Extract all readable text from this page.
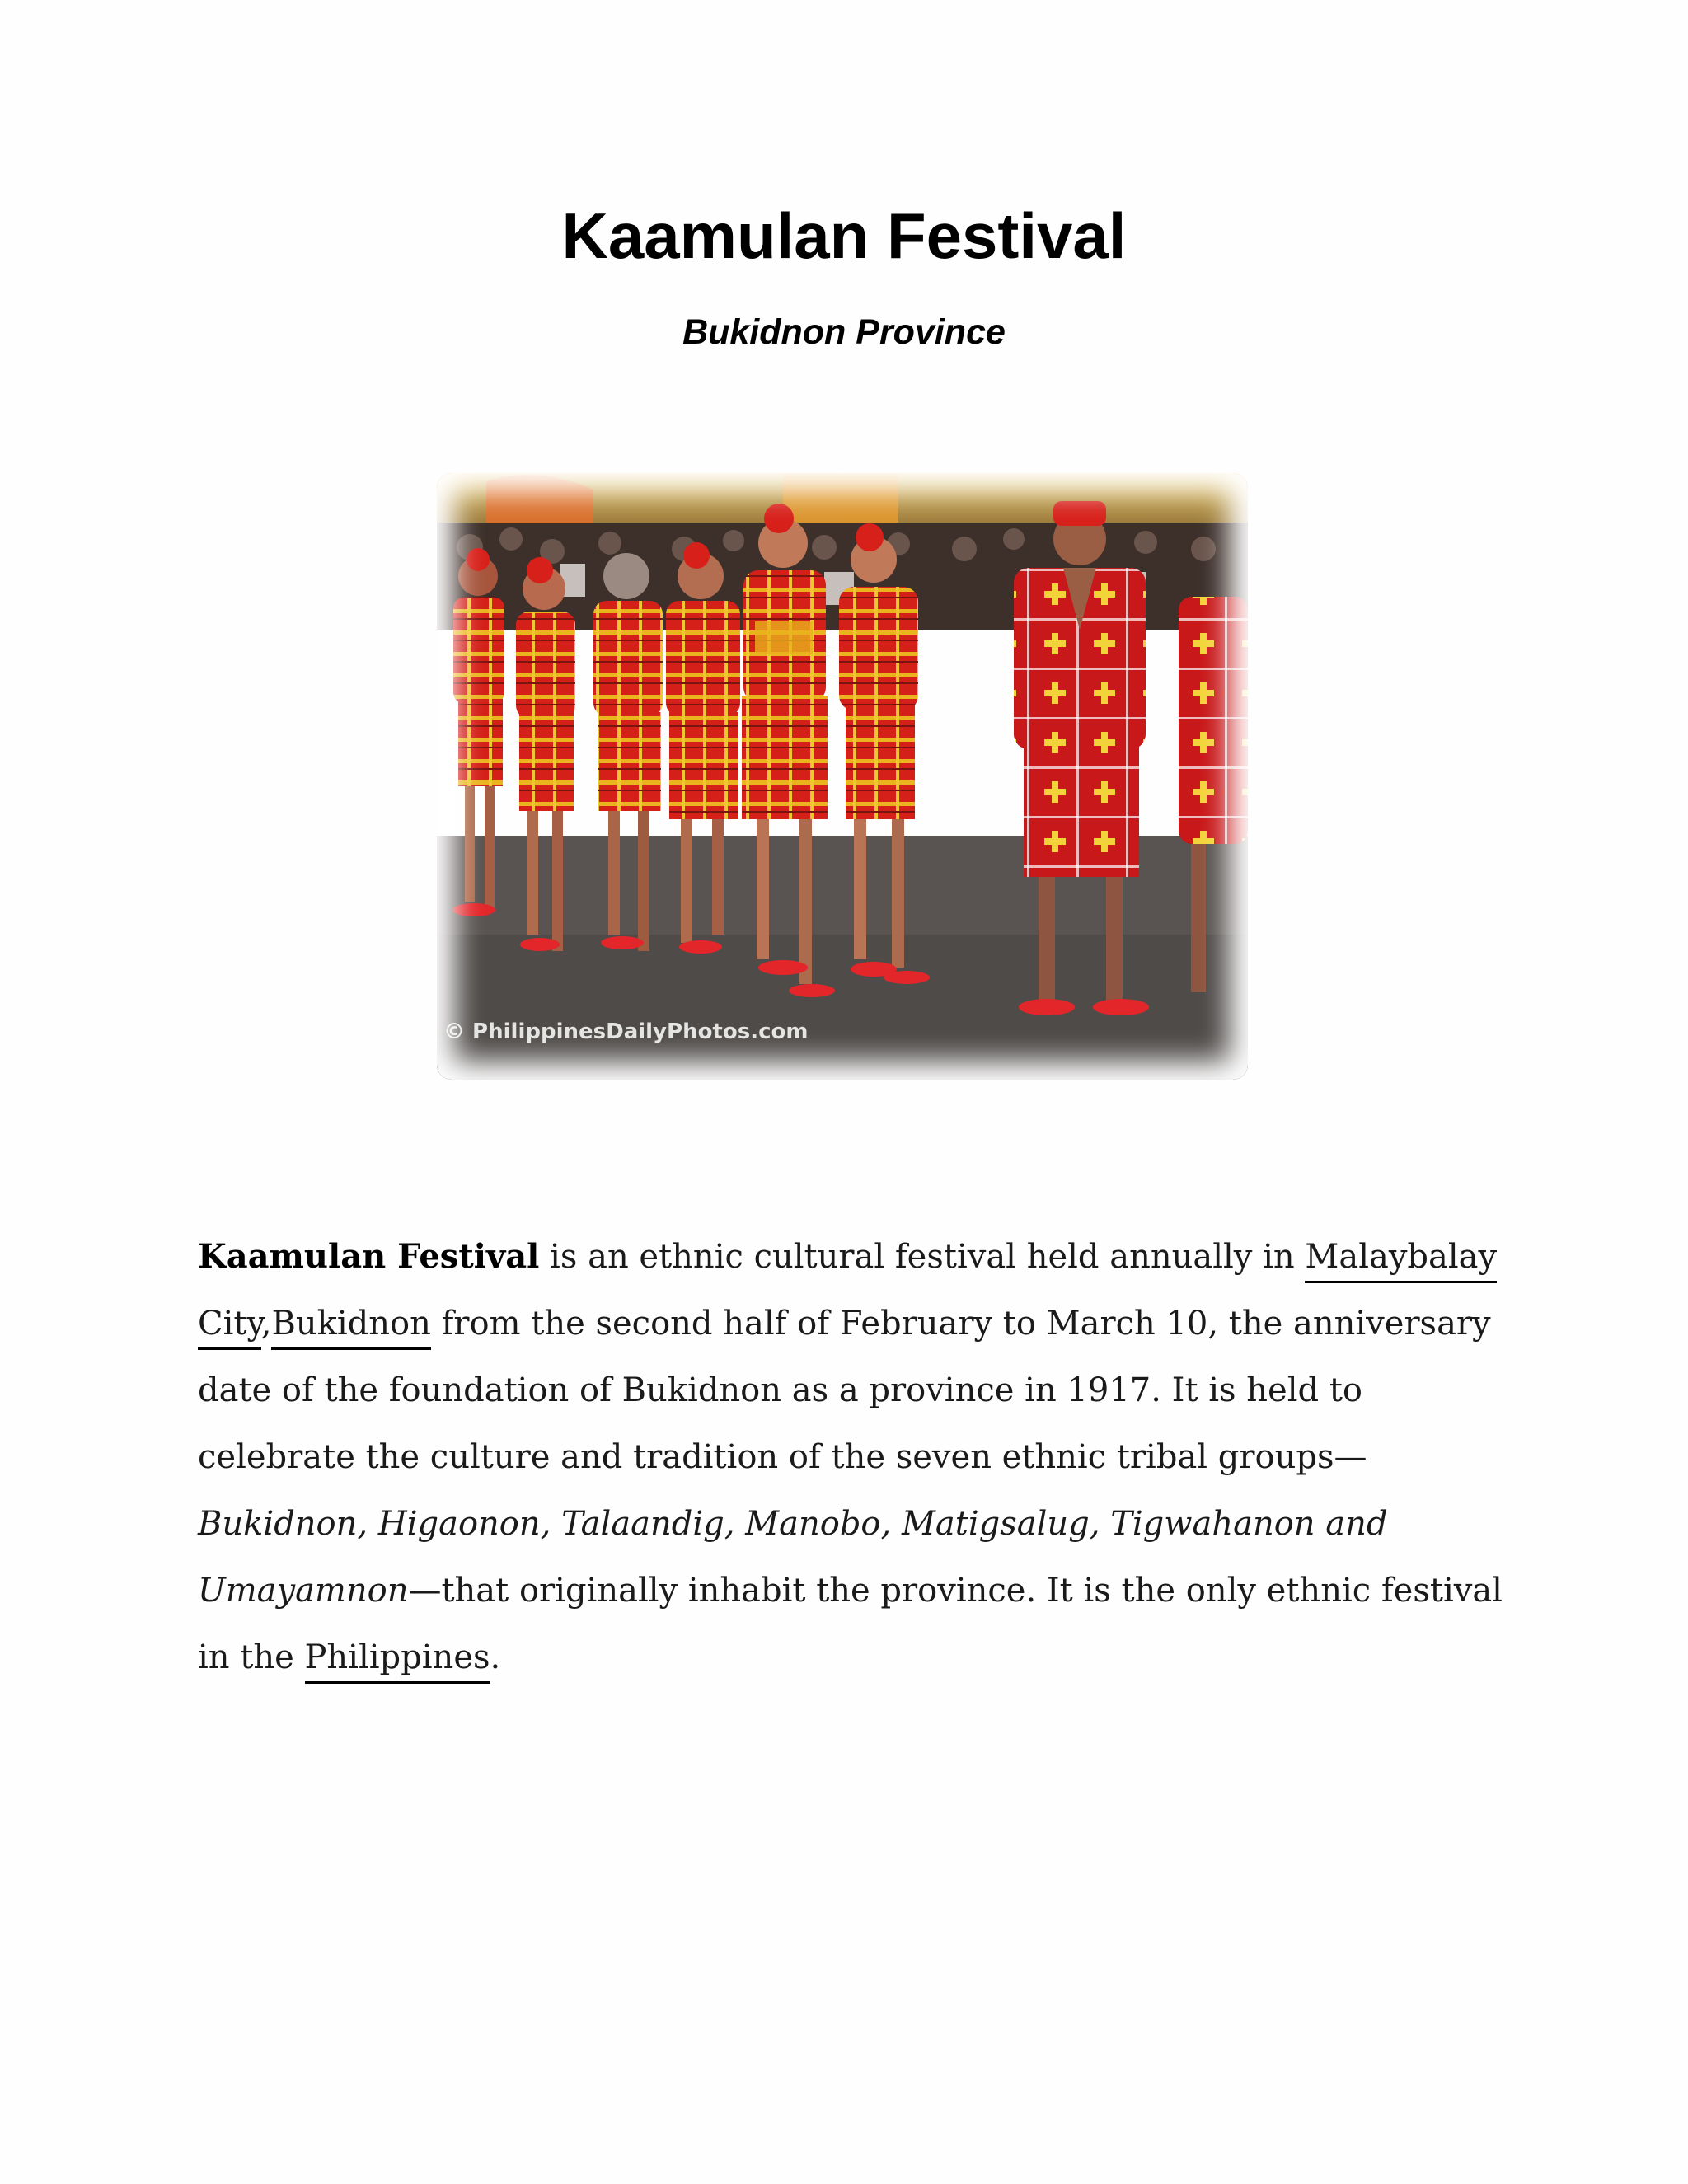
Kaamulan Festival

Bukidnon Province

© PhilippinesDailyPhotos.com

Kaamulan Festival is an ethnic cultural festival held annually in Malaybalay City,Bukidnon from the second half of February to March 10, the anniversary date of the foundation of Bukidnon as a province in 1917. It is held to celebrate the culture and tradition of the seven ethnic tribal groups—Bukidnon, Higaonon, Talaandig, Manobo, Matigsalug, Tigwahanon and Umayamnon—that originally inhabit the province. It is the only ethnic festival in the Philippines.
